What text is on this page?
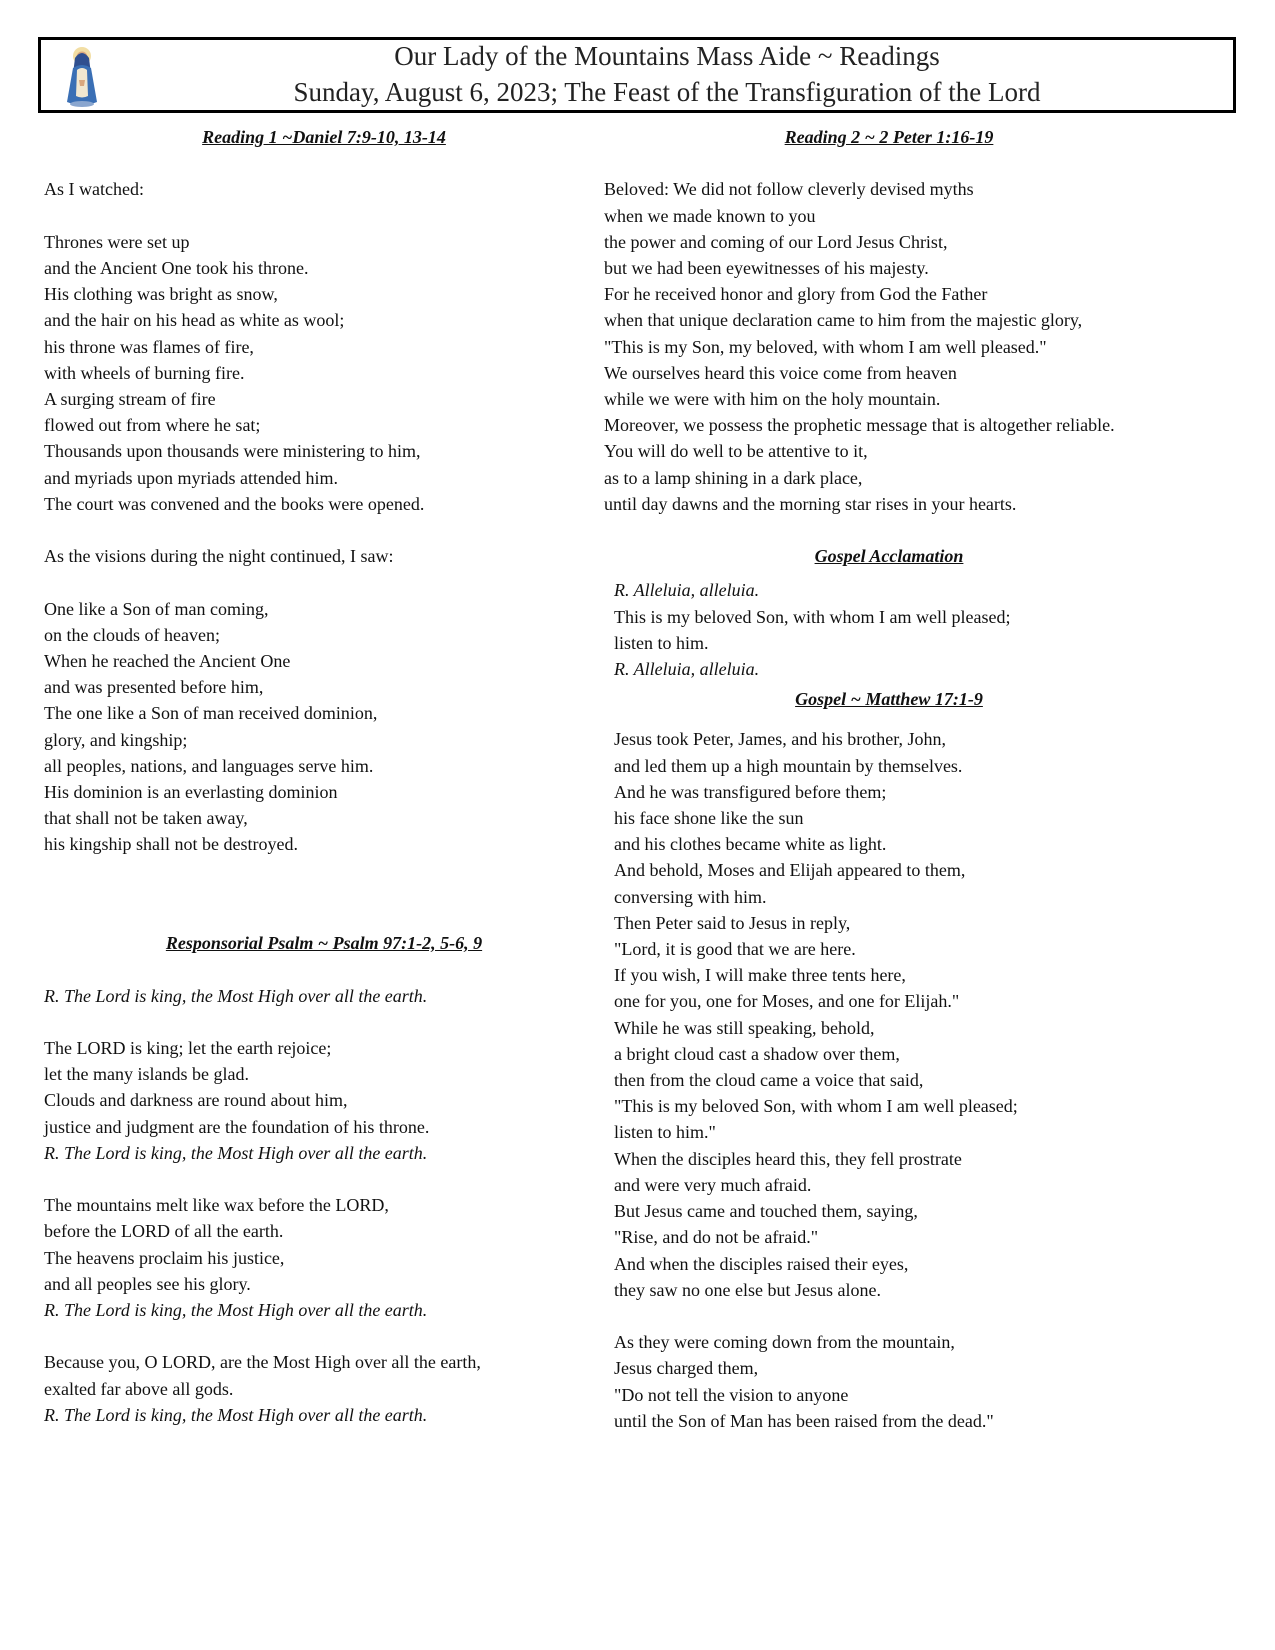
Our Lady of the Mountains Mass Aide ~ Readings
Sunday, August 6, 2023; The Feast of the Transfiguration of the Lord
Reading 1 ~Daniel 7:9-10, 13-14
As I watched:
Thrones were set up
and the Ancient One took his throne.
His clothing was bright as snow,
and the hair on his head as white as wool;
his throne was flames of fire,
with wheels of burning fire.
A surging stream of fire
flowed out from where he sat;
Thousands upon thousands were ministering to him,
and myriads upon myriads attended him.
The court was convened and the books were opened.
As the visions during the night continued, I saw:
One like a Son of man coming,
on the clouds of heaven;
When he reached the Ancient One
and was presented before him,
The one like a Son of man received dominion,
glory, and kingship;
all peoples, nations, and languages serve him.
His dominion is an everlasting dominion
that shall not be taken away,
his kingship shall not be destroyed.
Responsorial Psalm ~ Psalm 97:1-2, 5-6, 9
R. The Lord is king, the Most High over all the earth.
The LORD is king; let the earth rejoice;
let the many islands be glad.
Clouds and darkness are round about him,
justice and judgment are the foundation of his throne.
R. The Lord is king, the Most High over all the earth.
The mountains melt like wax before the LORD,
before the LORD of all the earth.
The heavens proclaim his justice,
and all peoples see his glory.
R. The Lord is king, the Most High over all the earth.
Because you, O LORD, are the Most High over all the earth,
exalted far above all gods.
R. The Lord is king, the Most High over all the earth.
Reading 2 ~ 2 Peter 1:16-19
Beloved: We did not follow cleverly devised myths
when we made known to you
the power and coming of our Lord Jesus Christ,
but we had been eyewitnesses of his majesty.
For he received honor and glory from God the Father
when that unique declaration came to him from the majestic glory,
"This is my Son, my beloved, with whom I am well pleased."
We ourselves heard this voice come from heaven
while we were with him on the holy mountain.
Moreover, we possess the prophetic message that is altogether reliable.
You will do well to be attentive to it,
as to a lamp shining in a dark place,
until day dawns and the morning star rises in your hearts.
Gospel Acclamation
R. Alleluia, alleluia.
This is my beloved Son, with whom I am well pleased;
listen to him.
R. Alleluia, alleluia.
Gospel ~ Matthew 17:1-9
Jesus took Peter, James, and his brother, John,
and led them up a high mountain by themselves.
And he was transfigured before them;
his face shone like the sun
and his clothes became white as light.
And behold, Moses and Elijah appeared to them,
conversing with him.
Then Peter said to Jesus in reply,
"Lord, it is good that we are here.
If you wish, I will make three tents here,
one for you, one for Moses, and one for Elijah."
While he was still speaking, behold,
a bright cloud cast a shadow over them,
then from the cloud came a voice that said,
"This is my beloved Son, with whom I am well pleased;
listen to him."
When the disciples heard this, they fell prostrate
and were very much afraid.
But Jesus came and touched them, saying,
"Rise, and do not be afraid."
And when the disciples raised their eyes,
they saw no one else but Jesus alone.
As they were coming down from the mountain,
Jesus charged them,
"Do not tell the vision to anyone
until the Son of Man has been raised from the dead."
